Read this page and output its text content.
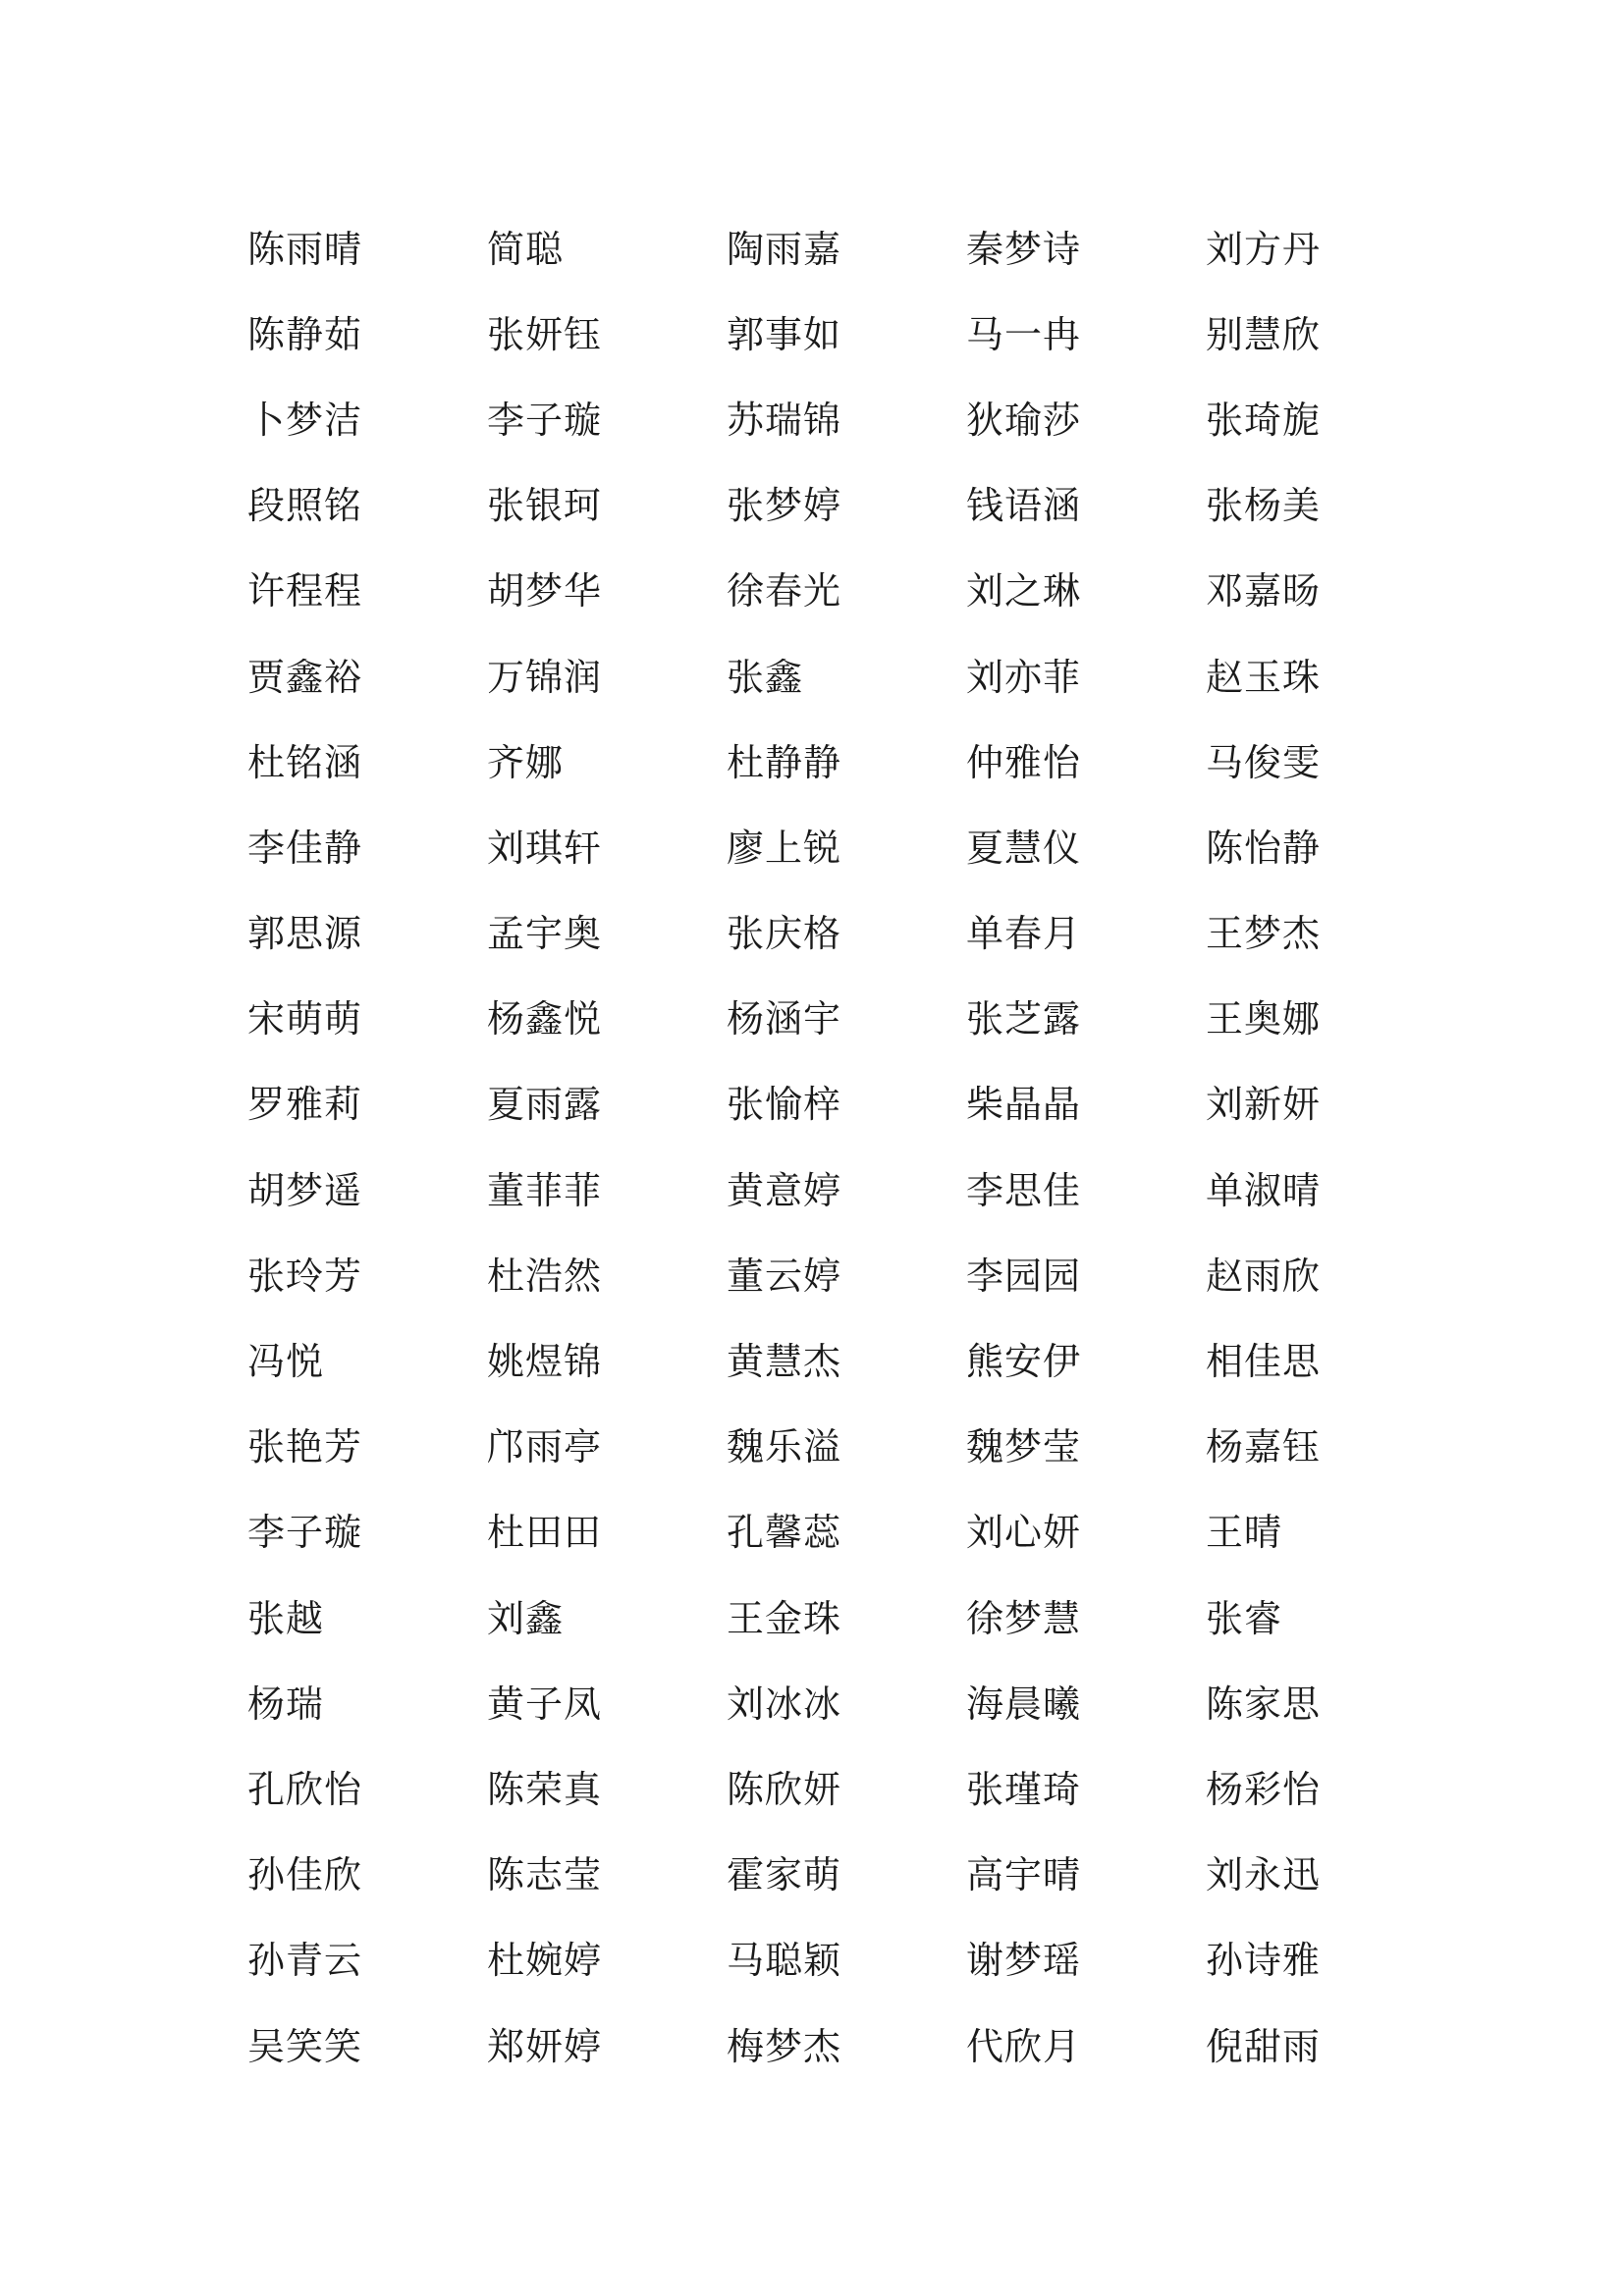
陈雨晴	简聪	陶雨嘉	秦梦诗	刘方丹
陈静茹	张妍钰	郭事如	马一冉	别慧欣
卜梦洁	李子璇	苏瑞锦	狄瑜莎	张琦旎
段照铭	张银珂	张梦婷	钱语涵	张杨美
许程程	胡梦华	徐春光	刘之琳	邓嘉旸
贾鑫裕	万锦润	张鑫	刘亦菲	赵玉珠
杜铭涵	齐娜	杜静静	仲雅怡	马俊雯
李佳静	刘琪轩	廖上锐	夏慧仪	陈怡静
郭思源	孟宇奥	张庆格	单春月	王梦杰
宋萌萌	杨鑫悦	杨涵宇	张芝露	王奥娜
罗雅莉	夏雨露	张愉梓	柴晶晶	刘新妍
胡梦遥	董菲菲	黄意婷	李思佳	单淑晴
张玲芳	杜浩然	董云婷	李园园	赵雨欣
冯悦	姚煜锦	黄慧杰	熊安伊	相佳思
张艳芳	邝雨亭	魏乐溢	魏梦莹	杨嘉钰
李子璇	杜田田	孔馨蕊	刘心妍	王晴
张越	刘鑫	王金珠	徐梦慧	张睿
杨瑞	黄子凤	刘冰冰	海晨曦	陈家思
孔欣怡	陈荣真	陈欣妍	张瑾琦	杨彩怡
孙佳欣	陈志莹	霍家萌	高宇晴	刘永迅
孙青云	杜婉婷	马聪颖	谢梦瑶	孙诗雅
吴笑笑	郑妍婷	梅梦杰	代欣月	倪甜雨
